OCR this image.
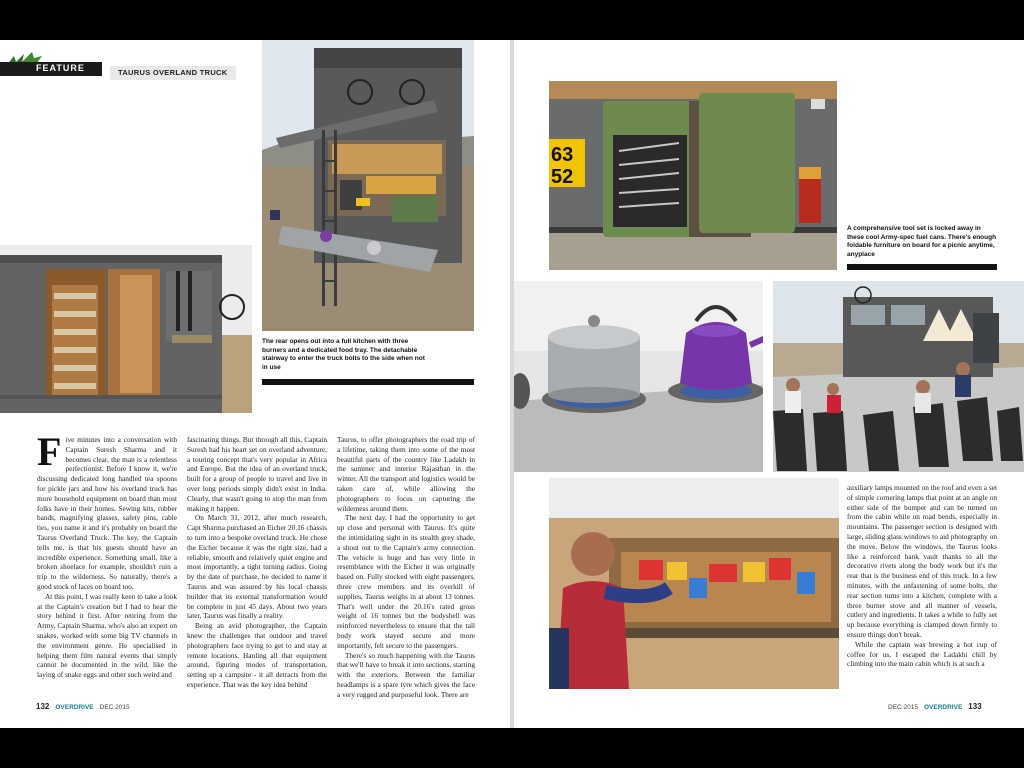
FEATURE	TAURUS OVERLAND TRUCK
The rear opens out into a full kitchen with three burners and a dedicated food tray. The detachable stairway to enter the truck bolts to the side when not in use

Five minutes into a conversation with Captain Suresh Sharma and it becomes clear, the man is a relentless perfectionist. Before I know it, we're discussing dedicated long handled tea spoons for pickle jars and how his overland truck has more household equipment on board than most folks have in their homes. Sewing kits, rubber bands, magnifying glasses, safety pins, cable ties, you name it and it's probably on board the Taurus Overland Truck. The key, the Captain tells me, is that his guests should have an incredible experience. Something small, like a broken shoelace for example, shouldn't ruin a trip to the wilderness. So naturally, there's a good stock of laces on board too.

At this point, I was really keen to take a look at the Captain's creation but I had to hear the story behind it first. After retiring from the Army, Captain Sharma, who's also an expert on snakes, worked with some big TV channels in the environment genre. He specialised in helping them film natural events that simply cannot be documented in the wild, like the laying of snake eggs and other such weird and

fascinating things. But through all this, Captain Suresh had his heart set on overland adventure, a touring concept that's very popular in Africa and Europe. But the idea of an overland truck, built for a group of people to travel and live in over long periods simply didn't exist in India. Clearly, that wasn't going to stop the man from making it happen.

On March 31, 2012, after much research, Capt Sharma purchased an Eicher 20.16 chassis to turn into a bespoke overland truck. He chose the Eicher because it was the right size, had a reliable, smooth and relatively quiet engine and most importantly, a tight turning radius. Going by the date of purchase, he decided to name it Taurus and was assured by his local chassis builder that its external transformation would be complete in just 45 days. About two years later, Taurus was finally a reality.

Being an avid photographer, the Captain knew the challenges that outdoor and travel photographers face trying to get to and stay at remote locations. Hauling all that equipment around, figuring modes of transportation, setting up a campsite - it all detracts from the experience. That was the key idea behind

Taurus, to offer photographers the road trip of a lifetime, taking them into some of the most beautiful parts of the country like Ladakh in the summer and interior Rajasthan in the winter. All the transport and logistics would be taken care of, while allowing the photographers to focus on capturing the wilderness around them.

The next day, I had the opportunity to get up close and personal with Taurus. It's quite the intimidating sight in its stealth grey shade, a shout out to the Captain's army connection. The vehicle is huge and has very little in resemblance with the Eicher it was originally based on. Fully stocked with eight passengers, three crew members and its overkill of supplies, Taurus weighs in at about 13 tonnes. That's well under the 20.16's rated gross weight of 16 tonnes but the bodyshell was reinforced nevertheless to ensure that the tall body work stayed secure and more importantly, felt secure to the passengers.

There's so much happening with the Taurus that we'll have to break it into sections, starting with the exteriors. Between the familiar headlamps is a spare tyre which gives the face a very rugged and purposeful look. There are

132 OVERDRIVE DEC 2015
63
52
A comprehensive tool set is locked away in these cool Army-spec fuel cans. There's enough foldable furniture on board for a picnic anytime, anyplace

auxiliary lamps mounted on the roof and even a set of simple cornering lamps that point at an angle on either side of the bumper and can be turned on from the cabin while on road bends, especially in mountains. The passenger section is designed with large, sliding glass windows to aid photography on the move. Below the windows, the Taurus looks like a reinforced bank vault thanks to all the decorative rivets along the body work but it's the rear that is the business end of this truck. In a few minutes, with the unfastening of some bolts, the rear section turns into a kitchen, complete with a three burner stove and all manner of vessels, cutlery and ingredients. It takes a while to fully set up because everything is clamped down firmly to ensure things don't break.

While the captain was brewing a hot cup of coffee for us, I escaped the Ladakhi chill by climbing into the main cabin which is at such a

DEC 2015 OVERDRIVE 133
